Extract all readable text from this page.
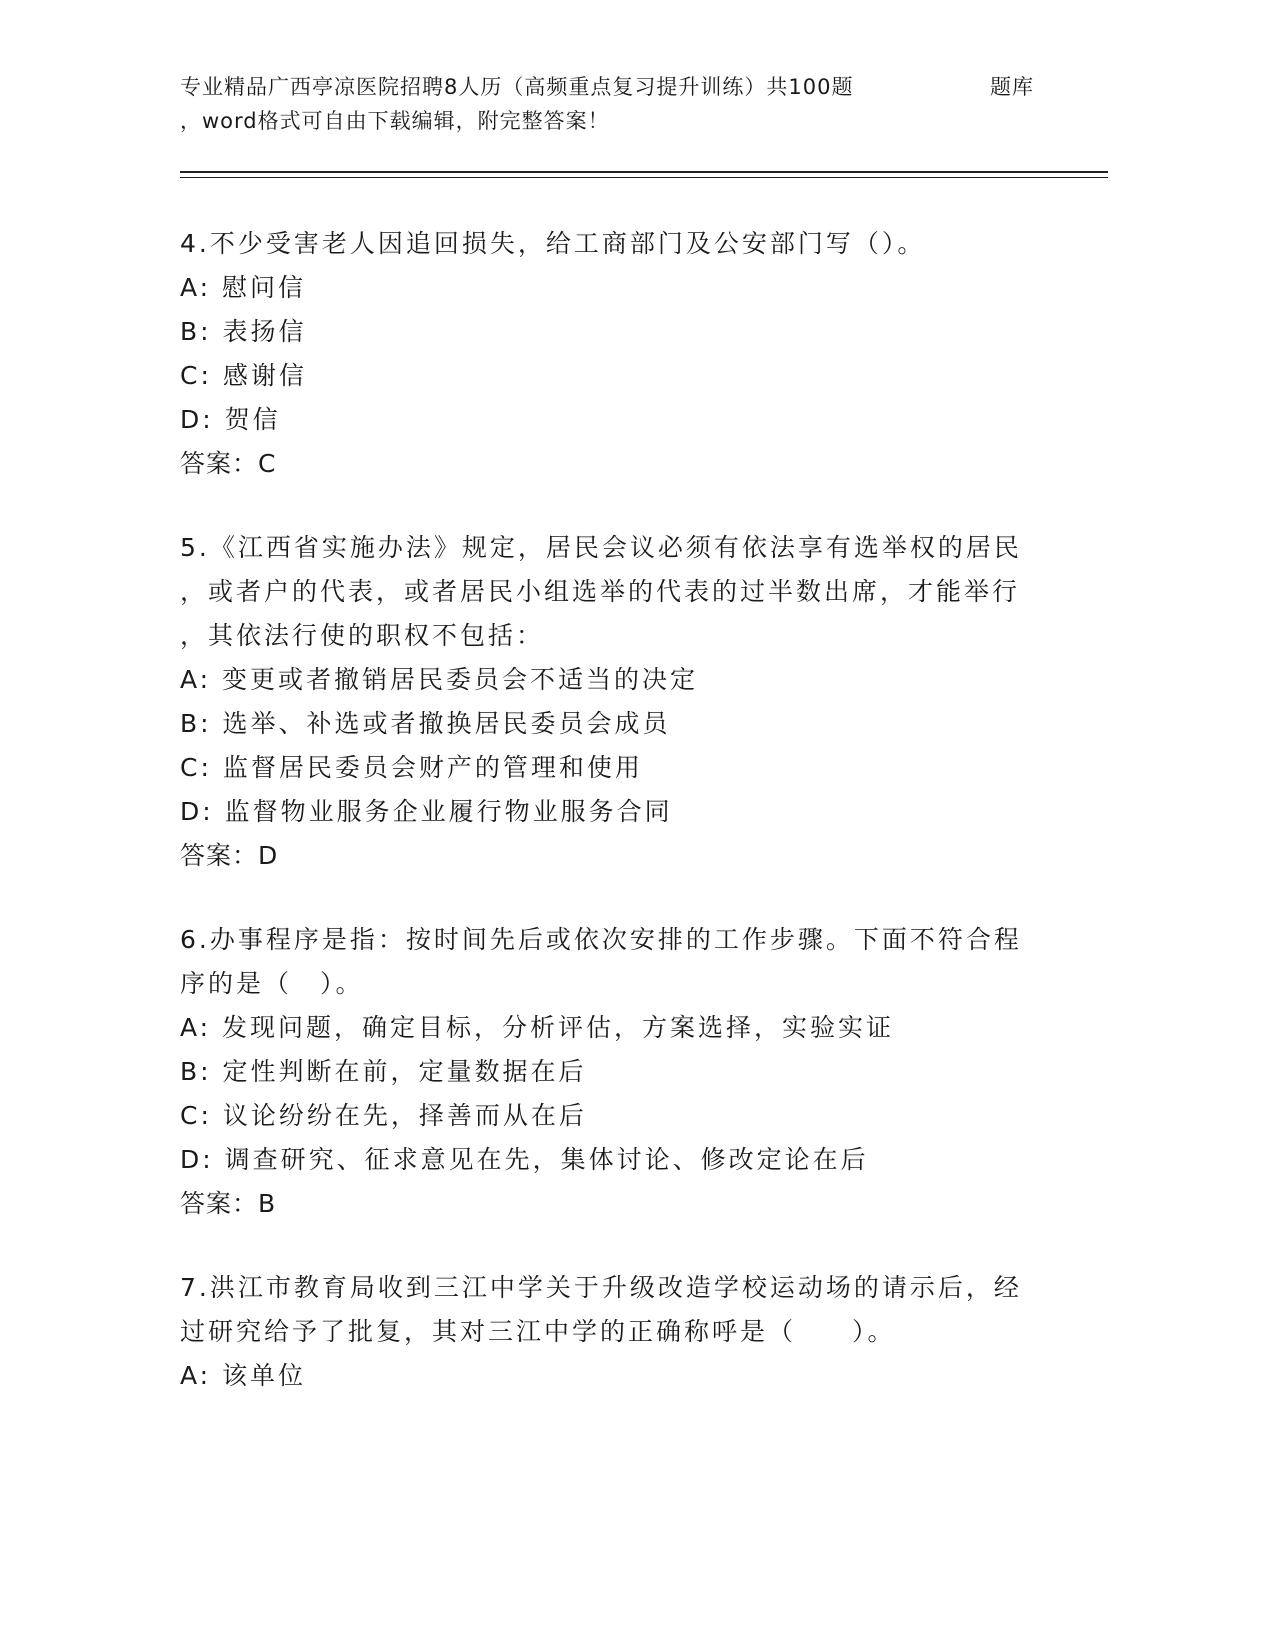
专业精品广西亭凉医院招聘8人历（高频重点复习提升训练）共100题	题库
，word格式可自由下载编辑，附完整答案！
4.不少受害老人因追回损失，给工商部门及公安部门写（）。
A: 慰问信
B: 表扬信
C: 感谢信
D: 贺信
答案：C
5.《江西省实施办法》规定，居民会议必须有依法享有选举权的居民
，或者户的代表，或者居民小组选举的代表的过半数出席，才能举行
，其依法行使的职权不包括：
A: 变更或者撤销居民委员会不适当的决定
B: 选举、补选或者撤换居民委员会成员
C: 监督居民委员会财产的管理和使用
D: 监督物业服务企业履行物业服务合同
答案：D
6.办事程序是指：按时间先后或依次安排的工作步骤。下面不符合程
序的是（　）。
A: 发现问题，确定目标，分析评估，方案选择，实验实证
B: 定性判断在前，定量数据在后
C: 议论纷纷在先，择善而从在后
D: 调查研究、征求意见在先，集体讨论、修改定论在后
答案：B
7.洪江市教育局收到三江中学关于升级改造学校运动场的请示后，经
过研究给予了批复，其对三江中学的正确称呼是（　　）。
A: 该单位
